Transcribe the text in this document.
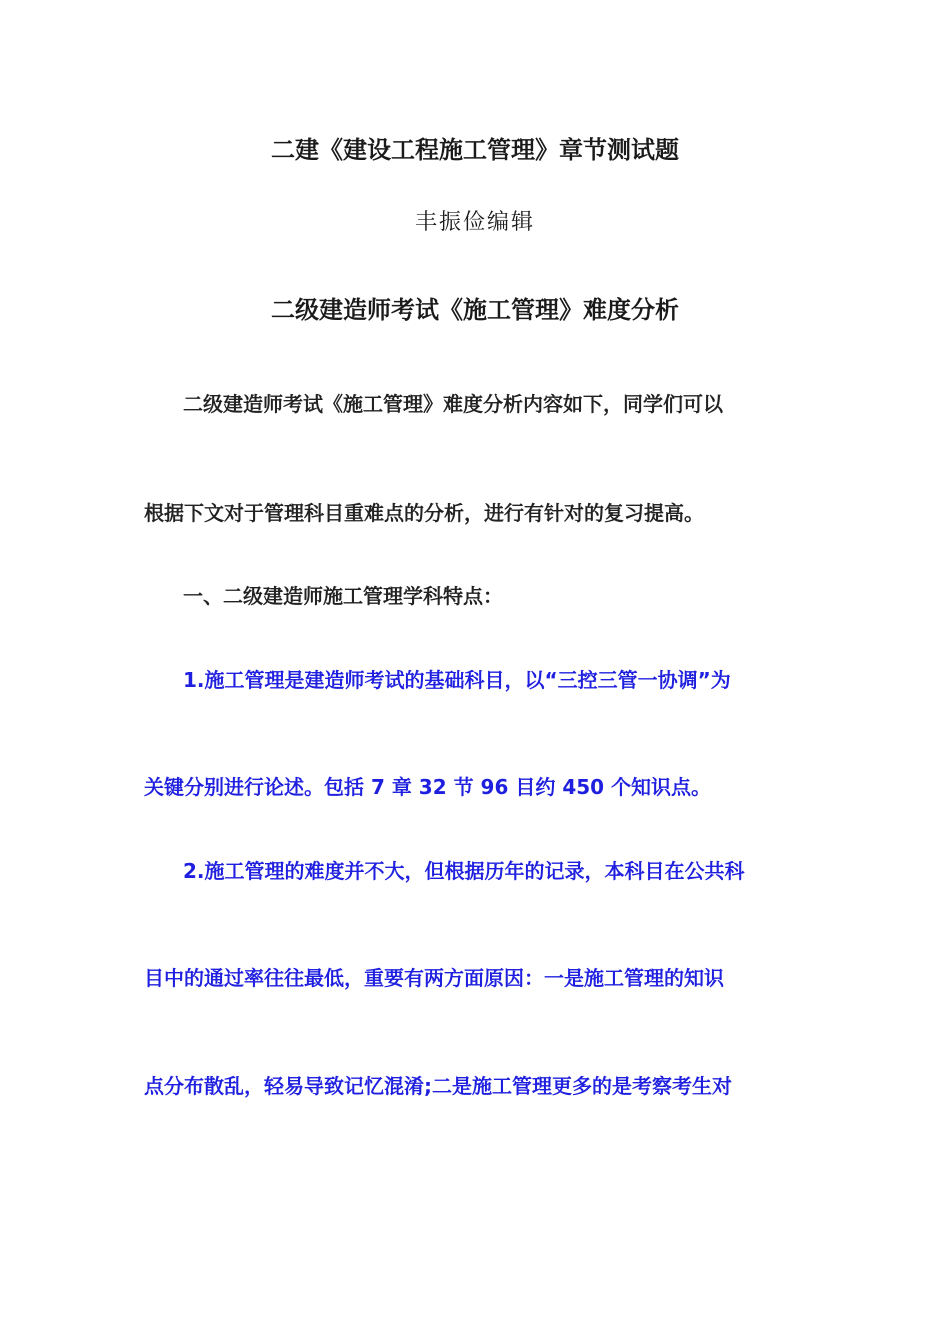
二建《建设工程施工管理》章节测试题
丰振俭编辑
二级建造师考试《施工管理》难度分析
二级建造师考试《施工管理》难度分析内容如下，同学们可以
根据下文对于管理科目重难点的分析，进行有针对的复习提高。
一、二级建造师施工管理学科特点：
1.施工管理是建造师考试的基础科目，以“三控三管一协调”为
关键分别进行论述。包括 7 章 32 节 96 目约 450 个知识点。
2.施工管理的难度并不大，但根据历年的记录，本科目在公共科
目中的通过率往往最低，重要有两方面原因：一是施工管理的知识
点分布散乱，轻易导致记忆混淆;二是施工管理更多的是考察考生对
